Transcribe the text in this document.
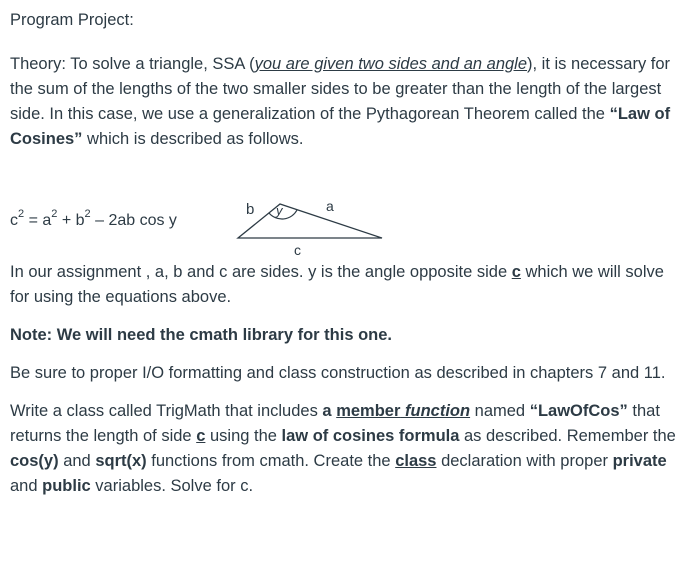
Program Project:

Theory: To solve a triangle, SSA (you are given two sides and an angle), it is necessary for the sum of the lengths of the two smaller sides to be greater than the length of the largest side. In this case, we use a generalization of the Pythagorean Theorem called the “Law of Cosines” which is described as follows.

$c^2 = a^2 + b^2 - 2ab$ cos y
b y	a
c

In our assignment , a, b and c are sides. y is the angle opposite side c which we will solve for using the equations above.

Note: We will need the cmath library for this one.

Be sure to proper I/O formatting and class construction as described in chapters 7 and 11.

Write a class called TrigMath that includes a member function named “LawOfCos” that returns the length of side c using the law of cosines formula as described. Remember the cos(y) and sqrt(x) functions from cmath. Create the class declaration with proper private and public variables. Solve for c.
